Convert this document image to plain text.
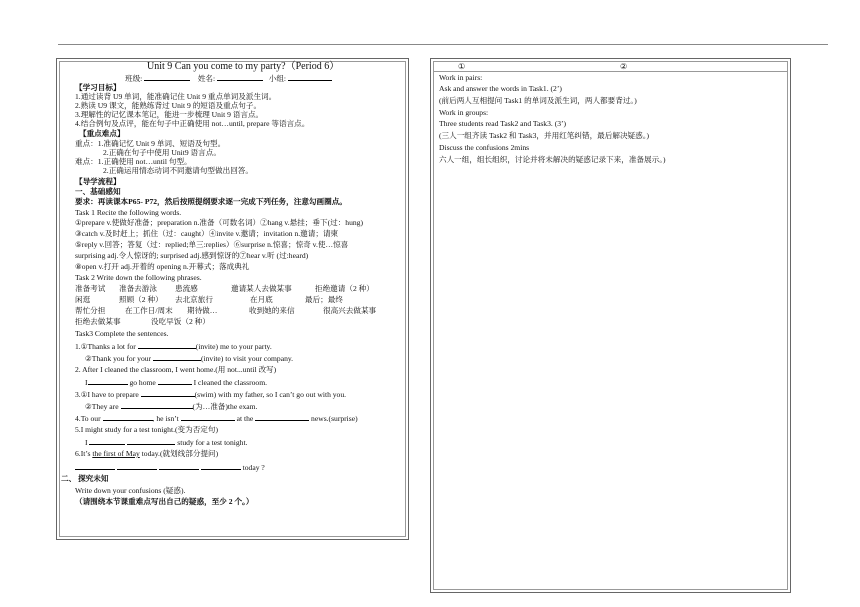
Unit 9 Can you come to my party?（Period 6）
班级:	姓名:	小组:
【学习目标】
1.通过读背 U9 单词，能准确记住 Unit 9 重点单词及派生词。
2.熟读 U9 课文，能熟练背过 Unit 9 的短语及重点句子。
3.理解性的记忆课本笔记，能进一步梳理 Unit 9 语言点。
4.结合例句及点评，能在句子中正确使用 not…until, prepare 等语言点。
【重点难点】
重点：1.准确记忆 Unit 9 单词、短语及句型。
2.正确在句子中使用 Unit9 语言点。
难点：1.正确使用 not…until 句型。
2.正确运用情态动词不同邀请句型做出回答。
【导学流程】
一、基础感知
要求：再读课本P65- P72，然后按照提纲要求逐一完成下列任务，注意勾画圈点。
Task 1 Recite the following words.
①prepare v.使做好准备；preparation n.准备（可数名词）②hang v.悬挂；垂下(过：hung)
③catch v.及时赶上；抓住（过：caught）④invite v.邀请；invitation n.邀请；请柬
⑤reply v.回答；答复（过：replied;单三:replies）⑥surprise n.惊喜；惊奇 v.使…惊喜
surprising adj.令人惊讶的; surprised adj.感到惊讶的⑦hear v.听 (过:heard)
⑧open v.打开 adj.开着的 opening n.开幕式；落成典礼
Task 2 Write down the following phrases.
准备考试 准备去游泳 患流感	邀请某人去做某事	拒绝邀请（2 种）
闲逛	照顾（2 种） 去北京旅行	在月底	最后；最终
帮忙分担	在工作日/周末 期待做…	收到她的来信	很高兴去做某事
拒绝去做某事	没吃早饭（2 种）
Task3 Complete the sentences.
1.①Thanks a lot for	(invite) me to your party.
②Thank you for your	(invite) to visit your company.
2. After I cleaned the classroom, I went home.(用 not...until 改写)
I	go home	I cleaned the classroom.
3.①I have to prepare	(swim) with my father, so I can’t go out with you.
②They are	(为…准备)the exam.
4.To our	, he isn’t	at the	news.(surprise)
5.I might study for a test tonight.(变为否定句)
I	study for a test tonight.
6.It’s the first of May today.(就划线部分提问)
today ?
二、 探究未知
Write down your confusions (疑惑).
（请围绕本节课重难点写出自己的疑惑，至少 2 个。）
①	②
Work in pairs:
Ask and answer the words in Task1. (2’)
(前后两人互相提问 Task1 的单词及派生词，两人都要背过。)
Work in groups:
Three students read Task2 and Task3. (3’)
(三人一组齐读 Task2 和 Task3，并用红笔纠错，最后解决疑惑。)
Discuss the confusions 2mins
六人一组，组长组织，讨论并将未解决的疑惑记录下来，准备展示。)
